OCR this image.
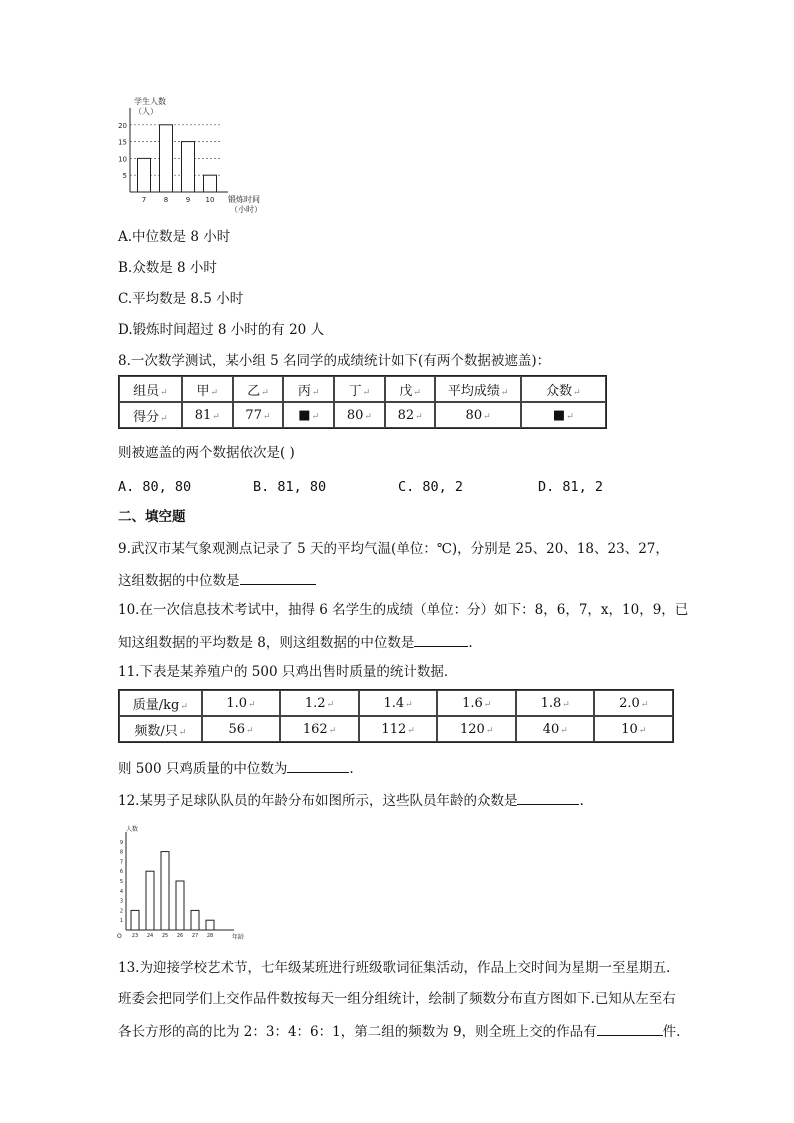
学生人数
（人）
锻炼时间
（小时）
5
10
15
20
7	8	9 10
A.中位数是 8 小时
B.众数是 8 小时
C.平均数是 8.5 小时
D.锻炼时间超过 8 小时的有 20 人
8.一次数学测试，某小组 5 名同学的成绩统计如下(有两个数据被遮盖)：
组员↵	甲↵	乙↵	丙↵	丁↵	戊↵	平均成绩↵	众数↵
得分↵	81↵	77↵	■↵	80↵	82↵	80↵	■↵
则被遮盖的两个数据依次是( )
A. 80, 80	B. 81, 80	C. 80, 2	D. 81, 2
二、填空题
9.武汉市某气象观测点记录了 5 天的平均气温(单位：℃)，分别是 25、20、18、23、27，
这组数据的中位数是
10.在一次信息技术考试中，抽得 6 名学生的成绩（单位：分）如下：8，6，7，x，10，9，已
知这组数据的平均数是 8，则这组数据的中位数是	.
11.下表是某养殖户的 500 只鸡出售时质量的统计数据．
质量/kg↵	1.0↵	1.2↵	1.4↵	1.6↵	1.8↵	2.0↵
频数/只↵	56↵	162↵	112↵	120↵	40↵	10↵
则 500 只鸡质量的中位数为	.
12.某男子足球队队员的年龄分布如图所示，这些队员年龄的众数是	.
人数
年龄
O
1
2
3
4
5
6
7
8
9
23 24 25 26 27 28
13.为迎接学校艺术节，七年级某班进行班级歌词征集活动，作品上交时间为星期一至星期五.
班委会把同学们上交作品件数按每天一组分组统计，绘制了频数分布直方图如下.已知从左至右
各长方形的高的比为 2：3：4：6：1，第二组的频数为 9，则全班上交的作品有	件.
